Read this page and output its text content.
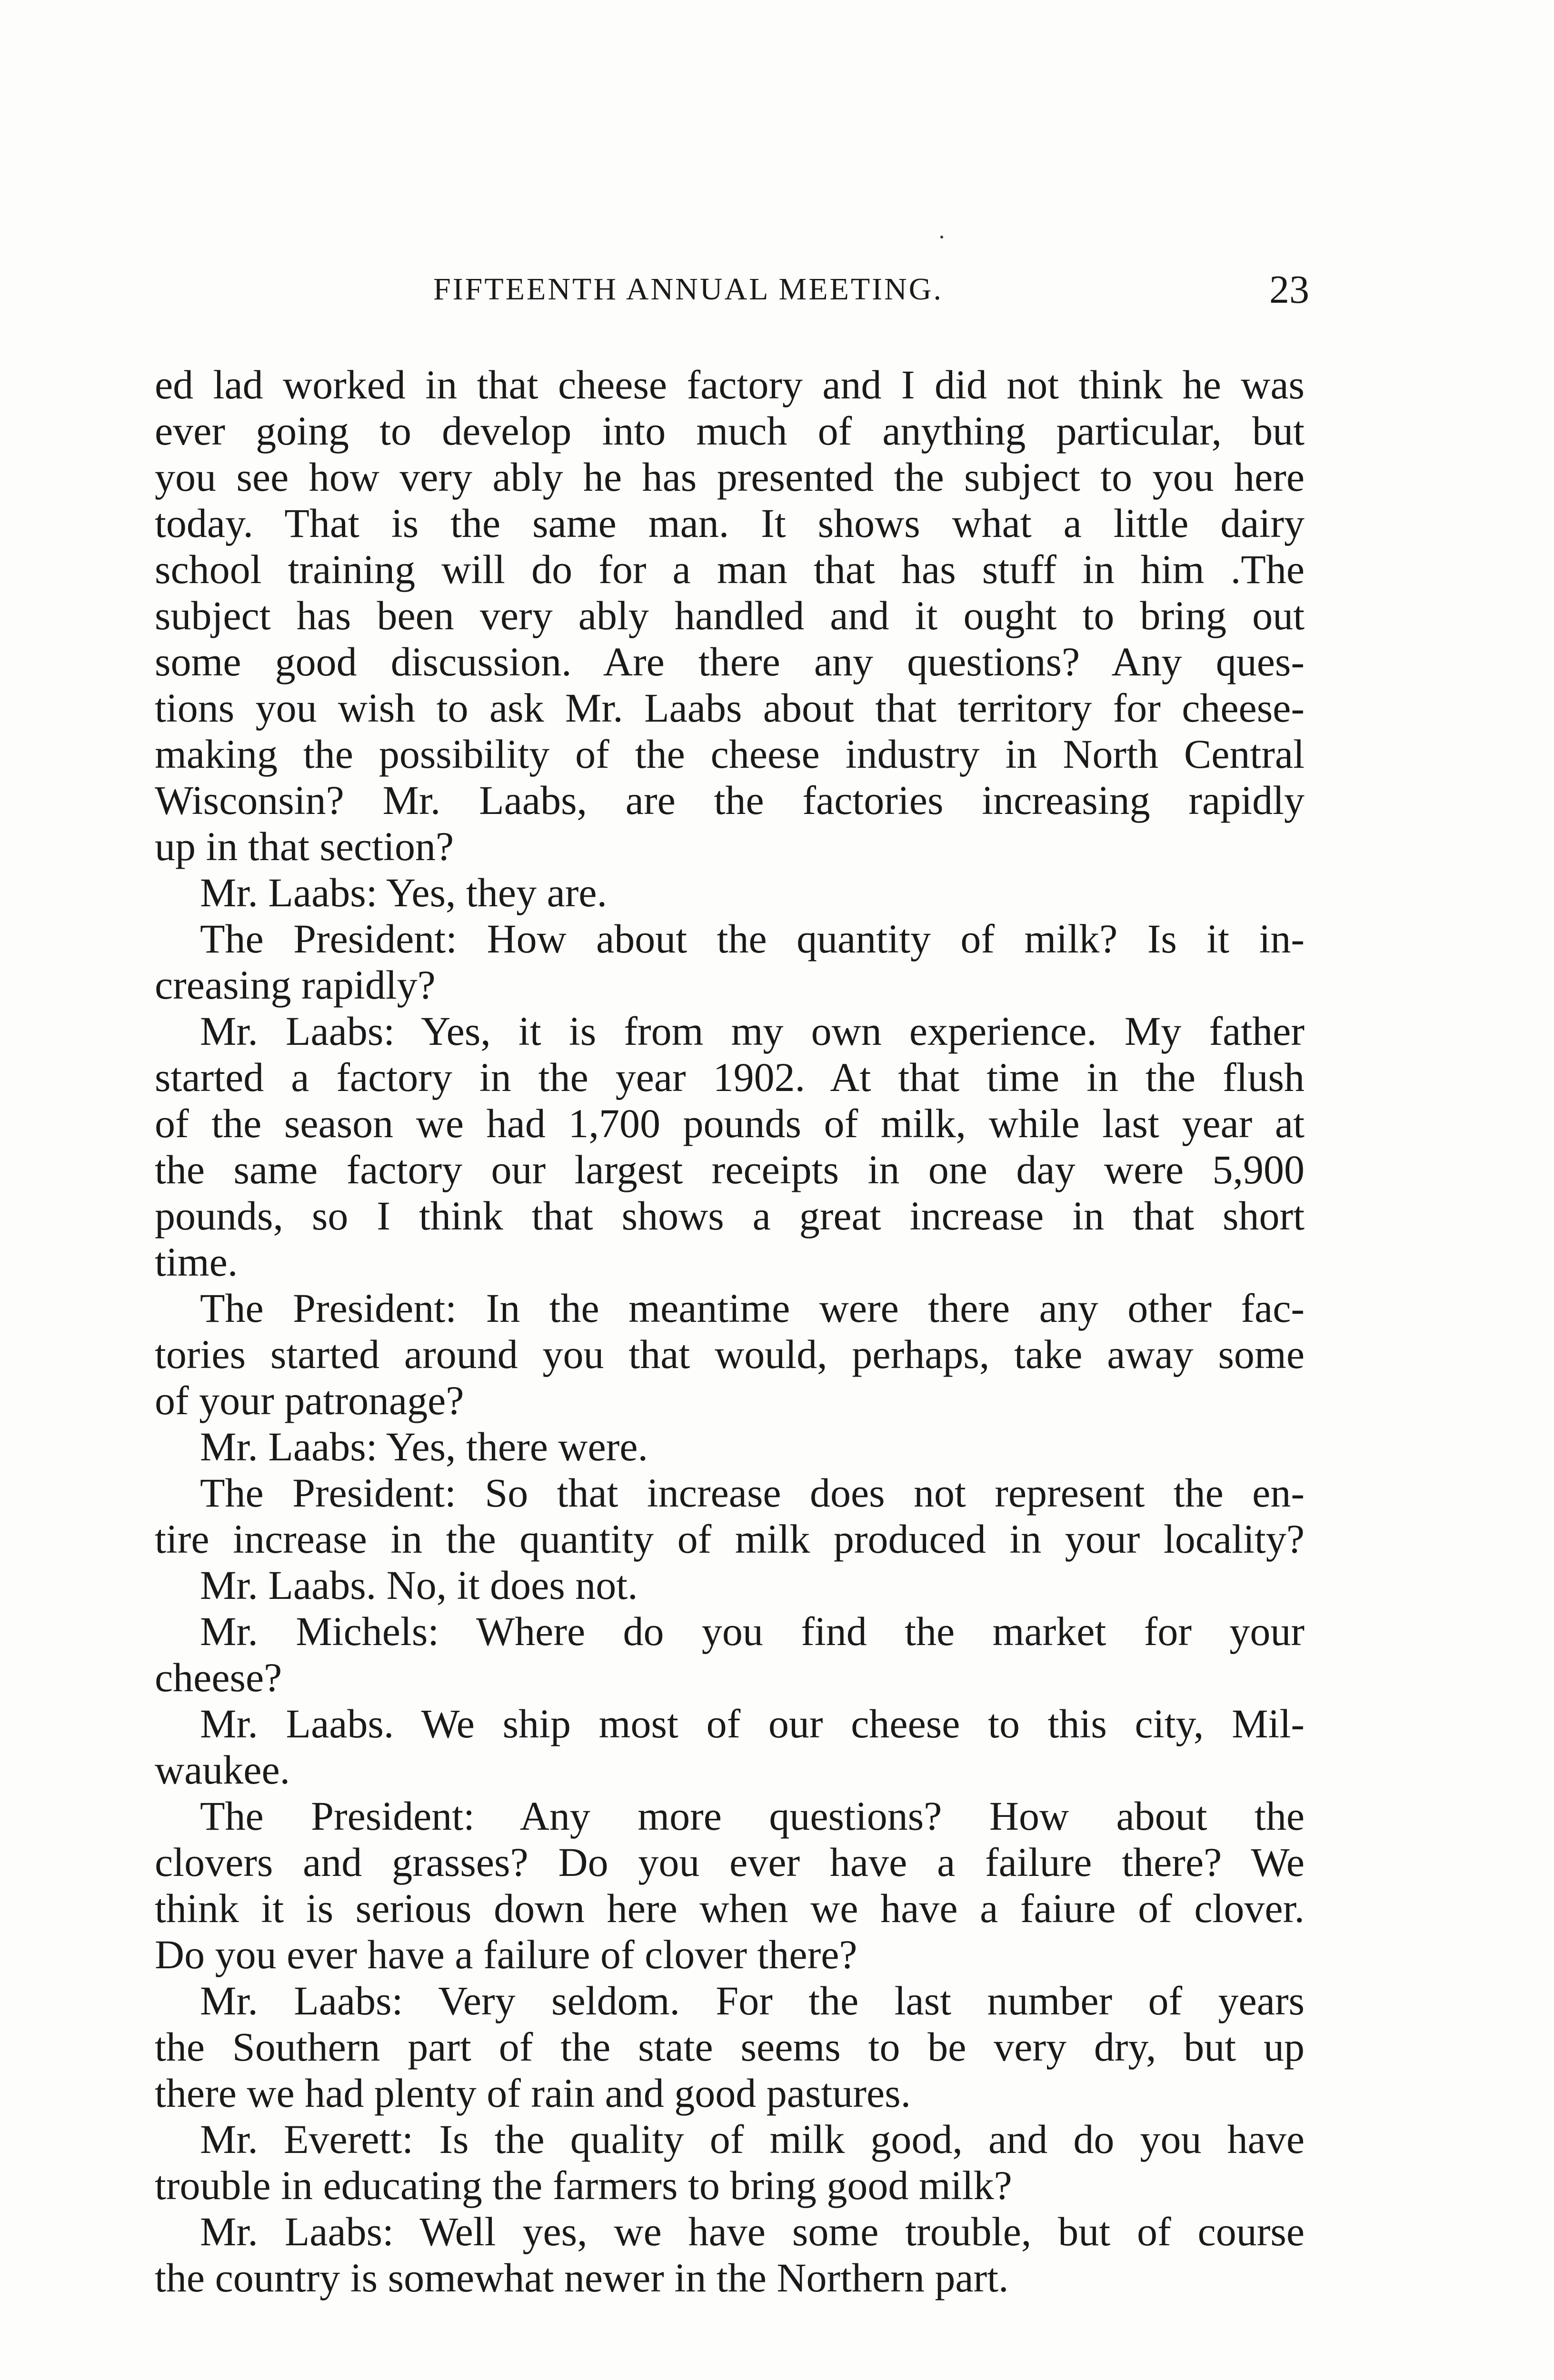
FIFTEENTH ANNUAL MEETING.	23
ed lad worked in that cheese factory and I did not think he was
ever going to develop into much of anything particular, but
you see how very ably he has presented the subject to you here
today. That is the same man. It shows what a little dairy
school training will do for a man that has stuff in him .The
subject has been very ably handled and it ought to bring out
some good discussion. Are there any questions? Any ques-
tions you wish to ask Mr. Laabs about that territory for cheese-
making the possibility of the cheese industry in North Central
Wisconsin? Mr. Laabs, are the factories increasing rapidly
up in that section?
Mr. Laabs: Yes, they are.
The President: How about the quantity of milk? Is it in-
creasing rapidly?
Mr. Laabs: Yes, it is from my own experience. My father
started a factory in the year 1902. At that time in the flush
of the season we had 1,700 pounds of milk, while last year at
the same factory our largest receipts in one day were 5,900
pounds, so I think that shows a great increase in that short
time.
The President: In the meantime were there any other fac-
tories started around you that would, perhaps, take away some
of your patronage?
Mr. Laabs: Yes, there were.
The President: So that increase does not represent the en-
tire increase in the quantity of milk produced in your locality?
Mr. Laabs. No, it does not.
Mr. Michels: Where do you find the market for your
cheese?
Mr. Laabs. We ship most of our cheese to this city, Mil-
waukee.
The President: Any more questions? How about the
clovers and grasses? Do you ever have a failure there? We
think it is serious down here when we have a faiure of clover.
Do you ever have a failure of clover there?
Mr. Laabs: Very seldom. For the last number of years
the Southern part of the state seems to be very dry, but up
there we had plenty of rain and good pastures.
Mr. Everett: Is the quality of milk good, and do you have
trouble in educating the farmers to bring good milk?
Mr. Laabs: Well yes, we have some trouble, but of course
the country is somewhat newer in the Northern part.
